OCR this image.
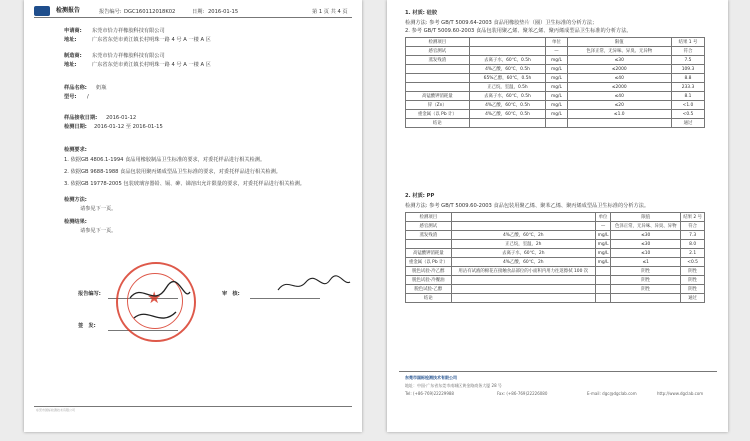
检测报告	报告编号: DGC16011201​8K02	日期: 2016-01-15	第 1 页 共 4 页
申请商: 东莞市恰力祥橡胶科技有限公司
地址:	广东省东莞市黄江镇长村明珠一路 4 号 A 一楼 A 区
制造商: 东莞市恰力祥橡胶科技有限公司
地址:	广东省东莞市黄江镇长村明珠一路 4 号 A 一楼 A 区
样品名称: 奶瓶
型号: /
样品接收日期: 2016-01-12
检测日期: 2016-01-12 至 2016-01-15
检测要求:
1. 依据GB 4806.1-1994 食品用橡胶制品卫生标准的要求，对委托样品进行相关检测。
2. 依据GB 9688-1988 食品包装用聚丙烯成型品卫生标准的要求，对委托样品进行相关检测。
3. 依据GB 19778-2005 包装玻璃容器铅、镉、砷、锑溶出允许限量的要求，对委托样品进行相关检测。
检测方法:
请参见下一页。
检测结果:
请参见下一页。
报告编写:	审　核:
签　发:
★
东莞市国标检测技术有限公司
1. 材质: 硅胶
检测方法: 参考 GB/T 5009.64-2003 食品用橡胶垫片（圈）卫生标准的分析方法；
2. 参考 GB/T 5009.60-2003 食品包装用聚乙烯、聚苯乙烯、聚丙烯成型品卫生标准的分析方法。
检测项目		单位	限值	结果 1 号
感官测试		—	色泽正常，无异味、异臭、无异物	符合
蒸发残渣	去离子水，60℃，0.5h	mg/L	≤30	7.5
	4%乙酸，60℃，0.5h	mg/L	≤2000	109.3
	65%乙醇，60℃，0.5h	mg/L	≤40	8.8
	正己烷，室温，0.5h	mg/L	≤2000	233.3
高锰酸钾消耗量	去离子水，60℃，0.5h	mg/L	≤40	8.1
锌（Zn）	4%乙酸，60℃，0.5h	mg/L	≤20	<1.0
重金属（以 Pb 计）	4%乙酸，60℃，0.5h	mg/L	≤1.0	<0.5
结论				通过
2. 材质: PP
检测方法: 参考 GB/T 5009.60-2003 食品包装用聚乙烯、聚苯乙烯、聚丙烯成型品卫生标准的分析方法。
检测项目		单位	限值	结果 2 号
感官测试		—	色泽正常，无异味、异臭、异物	符合
蒸发残渣	4%乙酸，60℃，2h	mg/L	≤30	7.3
	正己烷，室温，2h	mg/L	≤30	8.0
高锰酸钾消耗量	去离子水，60℃，2h	mg/L	≤10	2.1
重金属（以 Pb 计）	4%乙酸，60℃，2h	mg/L	≤1	<0.5
脱色试验-冷乙醇	用沾有试液的棉花在接触食品部位的小面积内用力往返擦拭 100 次		阴性	阴性
脱色试验-冷餐油			阴性	阴性
脱色试验-乙醇			阴性	阴性
结论				通过
东莞市国标检测技术有限公司
地址：中国·广东省东莞市南城区黄金路商务大厦 28 号
Tel: (+86-769)22229988	Fax: (+86-769)22226080	E-mail: dgc@dgclab.com	http://www.dgclab.com
